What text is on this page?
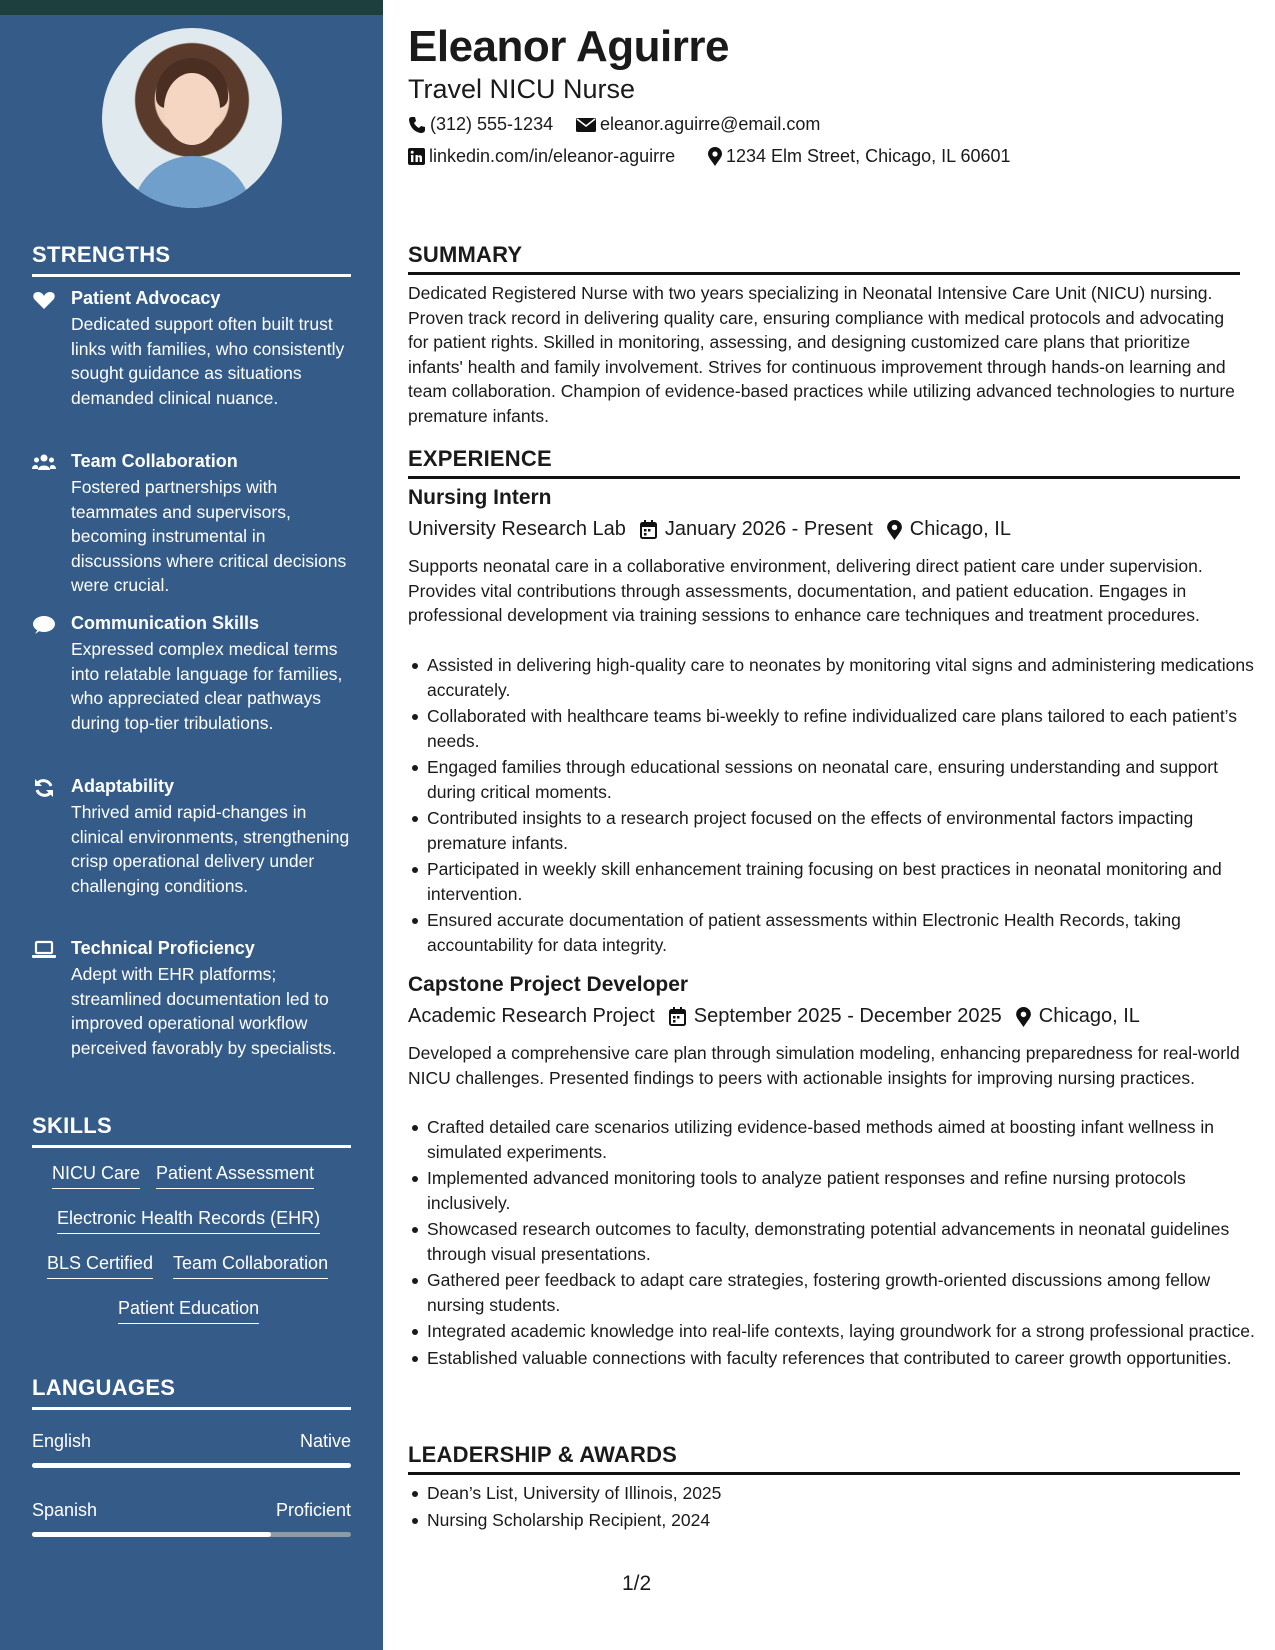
STRENGTHS
Patient Advocacy
Dedicated support often built trust links with families, who consistently sought guidance as situations demanded clinical nuance.
Team Collaboration
Fostered partnerships with teammates and supervisors, becoming instrumental in discussions where critical decisions were crucial.
Communication Skills
Expressed complex medical terms into relatable language for families, who appreciated clear pathways during top-tier tribulations.
Adaptability
Thrived amid rapid-changes in clinical environments, strengthening crisp operational delivery under challenging conditions.
Technical Proficiency
Adept with EHR platforms; streamlined documentation led to improved operational workflow perceived favorably by specialists.
SKILLS
NICU Care Patient Assessment
Electronic Health Records (EHR)
BLS Certified Team Collaboration
Patient Education
LANGUAGES
English	Native
Spanish	Proficient
Eleanor Aguirre
Travel NICU Nurse
(312) 555-1234	eleanor.aguirre@email.com
linkedin.com/in/eleanor-aguirre	1234 Elm Street, Chicago, IL 60601
SUMMARY
Dedicated Registered Nurse with two years specializing in Neonatal Intensive Care Unit (NICU) nursing. Proven track record in delivering quality care, ensuring compliance with medical protocols and advocating for patient rights. Skilled in monitoring, assessing, and designing customized care plans that prioritize infants' health and family involvement. Strives for continuous improvement through hands-on learning and team collaboration. Champion of evidence-based practices while utilizing advanced technologies to nurture premature infants.
EXPERIENCE
Nursing Intern
University Research Lab January 2026 - Present Chicago, IL
Supports neonatal care in a collaborative environment, delivering direct patient care under supervision. Provides vital contributions through assessments, documentation, and patient education. Engages in professional development via training sessions to enhance care techniques and treatment procedures.
Assisted in delivering high-quality care to neonates by monitoring vital signs and administering medications accurately.
Collaborated with healthcare teams bi-weekly to refine individualized care plans tailored to each patient’s needs.
Engaged families through educational sessions on neonatal care, ensuring understanding and support during critical moments.
Contributed insights to a research project focused on the effects of environmental factors impacting premature infants.
Participated in weekly skill enhancement training focusing on best practices in neonatal monitoring and intervention.
Ensured accurate documentation of patient assessments within Electronic Health Records, taking accountability for data integrity.
Capstone Project Developer
Academic Research Project September 2025 - December 2025 Chicago, IL
Developed a comprehensive care plan through simulation modeling, enhancing preparedness for real-world NICU challenges. Presented findings to peers with actionable insights for improving nursing practices.
Crafted detailed care scenarios utilizing evidence-based methods aimed at boosting infant wellness in simulated experiments.
Implemented advanced monitoring tools to analyze patient responses and refine nursing protocols inclusively.
Showcased research outcomes to faculty, demonstrating potential advancements in neonatal guidelines through visual presentations.
Gathered peer feedback to adapt care strategies, fostering growth-oriented discussions among fellow nursing students.
Integrated academic knowledge into real-life contexts, laying groundwork for a strong professional practice.
Established valuable connections with faculty references that contributed to career growth opportunities.
LEADERSHIP & AWARDS
Dean’s List, University of Illinois, 2025
Nursing Scholarship Recipient, 2024
1/2
